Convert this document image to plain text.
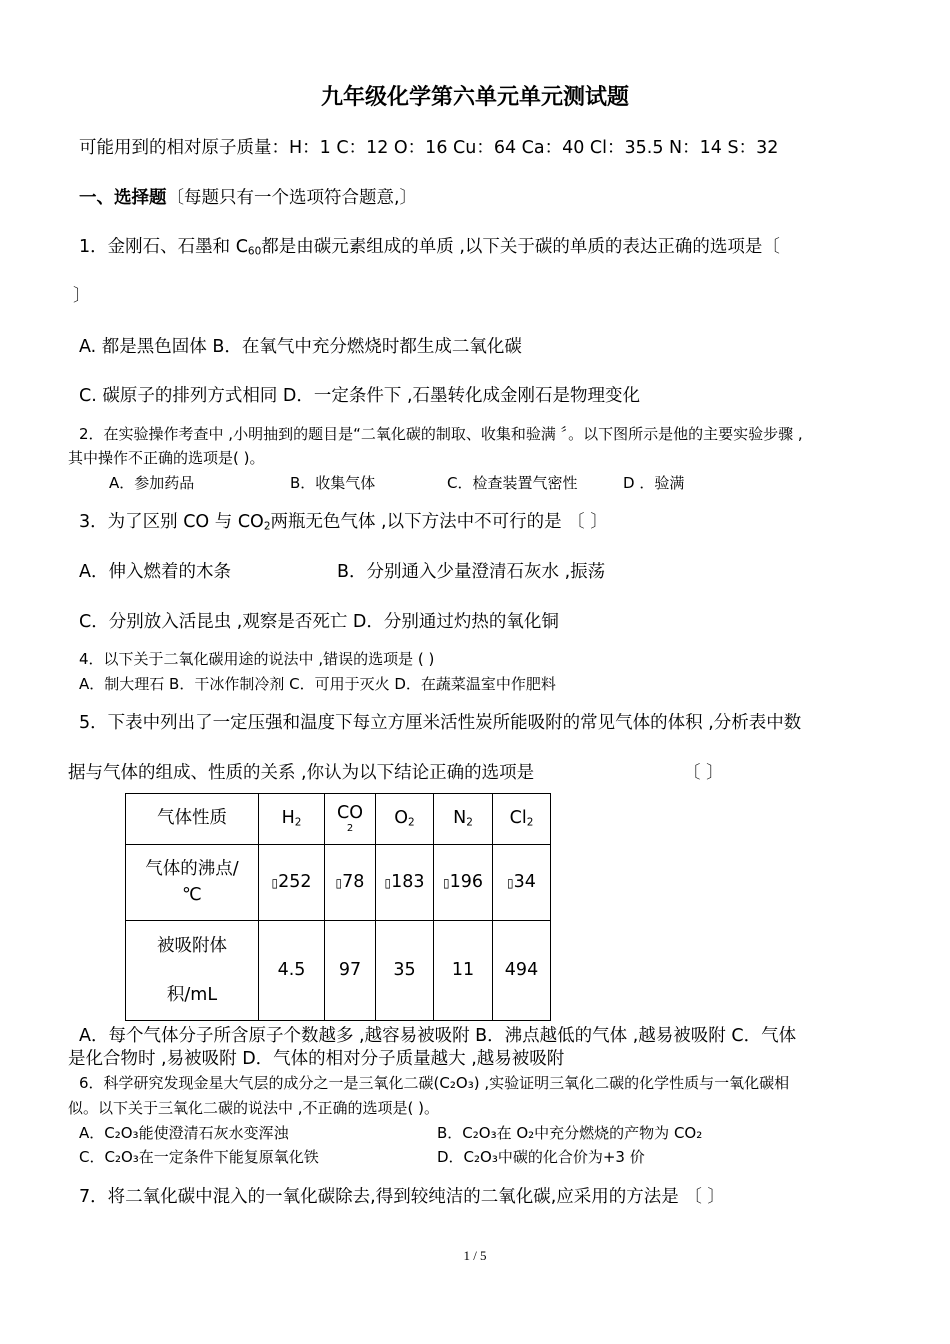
九年级化学第六单元单元测试题
可能用到的相对原子质量：H：1 C：12 O：16 Cu：64 Ca：40 Cl：35.5 N：14 S：32
一、选择题〔每题只有一个选项符合题意,〕
1．金刚石、石墨和 $C_{60}$都是由碳元素组成的单质 ,以下关于碳的单质的表达正确的选项是〔
〕
A. 都是黑色固体 B．在氧气中充分燃烧时都生成二氧化碳
C. 碳原子的排列方式相同 D．一定条件下 ,石墨转化成金刚石是物理变化
2．在实验操作考查中 ,小明抽到的题目是“二氧化碳的制取、收集和验满 〞。以下图所示是他的主要实验步骤 ,
其中操作不正确的选项是( )。
A．参加药品	B．收集气体	C．检查装置气密性	D ．验满
3．为了区别 CO 与 $CO_2$两瓶无色气体 ,以下方法中不可行的是 〔 〕
A．伸入燃着的木条	B．分别通入少量澄清石灰水 ,振荡
C．分别放入活昆虫 ,观察是否死亡 D．分别通过灼热的氧化铜
4．以下关于二氧化碳用途的说法中 ,错误的选项是 ( )
A．制大理石 B．干冰作制冷剂 C．可用于灭火 D．在蔬菜温室中作肥料
5．下表中列出了一定压强和温度下每立方厘米活性炭所能吸附的常见气体的体积 ,分析表中数
据与气体的组成、性质的关系 ,你认为以下结论正确的选项是	〔 〕
气体性质	$H_2$	CO
2	$O_2$	$N_2$	$Cl_2$

气体的沸点/
℃	▯252	▯78	▯183	▯196	▯34

被吸附体
积/mL	4.5	97	35	11	494
A．每个气体分子所含原子个数越多 ,越容易被吸附 B．沸点越低的气体 ,越易被吸附 C．气体
是化合物时 ,易被吸附 D．气体的相对分子质量越大 ,越易被吸附
6．科学研究发现金星大气层的成分之一是三氧化二碳(C₂O₃) ,实验证明三氧化二碳的化学性质与一氧化碳相
似。以下关于三氧化二碳的说法中 ,不正确的选项是( )。
A．C₂O₃能使澄清石灰水变浑浊	B．C₂O₃在 O₂中充分燃烧的产物为 CO₂
C．C₂O₃在一定条件下能复原氧化铁	D．C₂O₃中碳的化合价为+3 价
7．将二氧化碳中混入的一氧化碳除去,得到较纯洁的二氧化碳,应采用的方法是 〔 〕
1 / 5
